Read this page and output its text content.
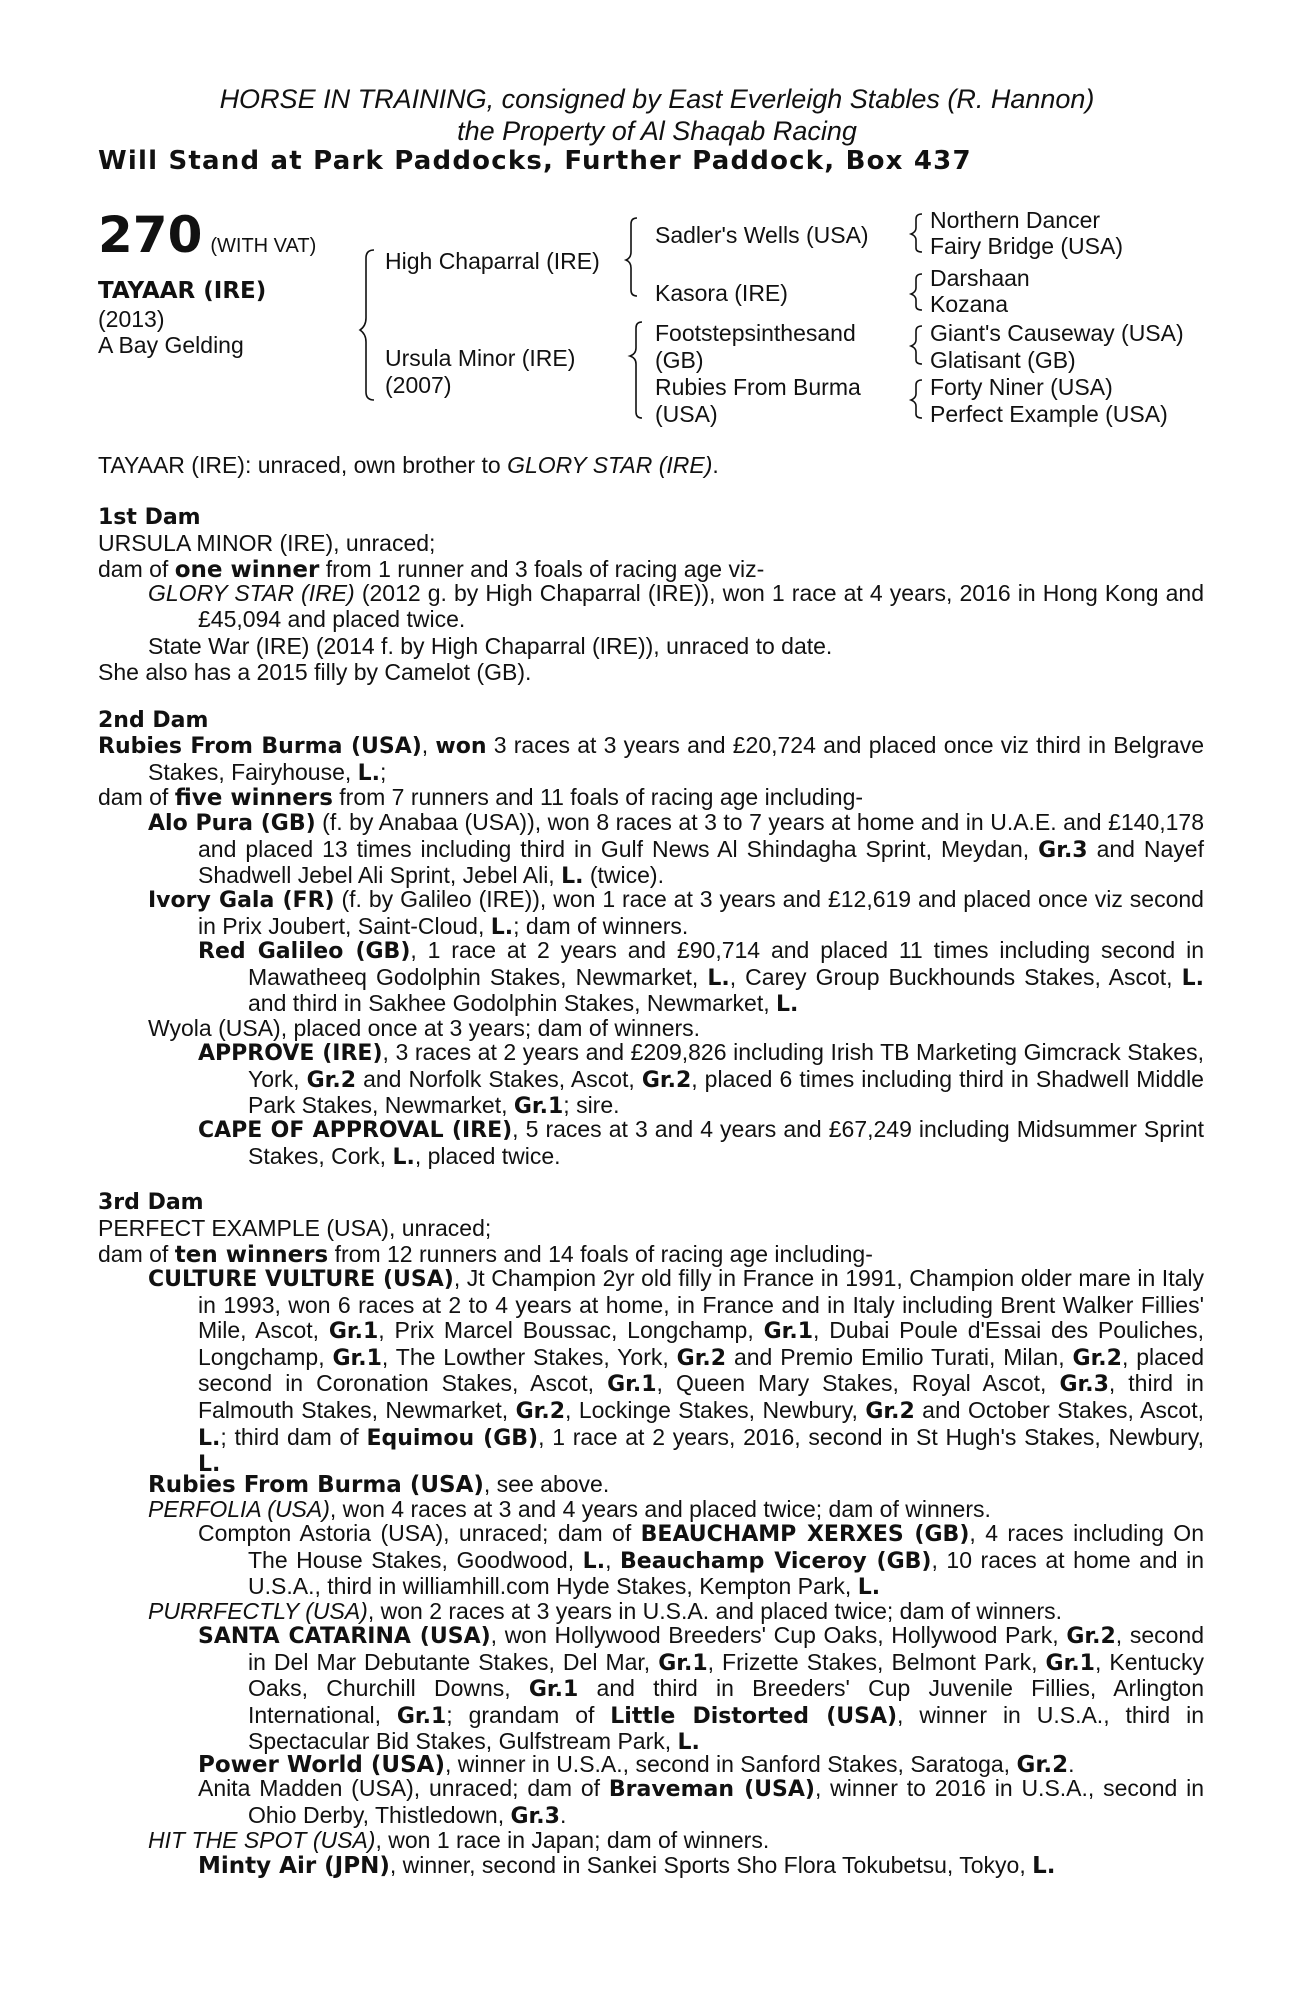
HORSE IN TRAINING, consigned by East Everleigh Stables (R. Hannon)
the Property of Al Shaqab Racing
Will Stand at Park Paddocks, Further Paddock, Box 437
270 (WITH VAT)
TAYAAR (IRE)
(2013)
A Bay Gelding
High Chaparral (IRE)
Ursula Minor (IRE)
(2007)
Sadler's Wells (USA)
Kasora (IRE)
Footstepsinthesand
(GB)
Rubies From Burma
(USA)
Northern Dancer
Fairy Bridge (USA)
Darshaan
Kozana
Giant's Causeway (USA)
Glatisant (GB)
Forty Niner (USA)
Perfect Example (USA)
TAYAAR (IRE): unraced, own brother to GLORY STAR (IRE).
1st Dam
URSULA MINOR (IRE), unraced;
dam of one winner from 1 runner and 3 foals of racing age viz-
GLORY STAR (IRE) (2012 g. by High Chaparral (IRE)), won 1 race at 4 years, 2016 in Hong Kong and £45,094 and placed twice.
State War (IRE) (2014 f. by High Chaparral (IRE)), unraced to date.
She also has a 2015 filly by Camelot (GB).
2nd Dam
Rubies From Burma (USA), won 3 races at 3 years and £20,724 and placed once viz third in Belgrave Stakes, Fairyhouse, L.;
dam of five winners from 7 runners and 11 foals of racing age including-
Alo Pura (GB) (f. by Anabaa (USA)), won 8 races at 3 to 7 years at home and in U.A.E. and £140,178 and placed 13 times including third in Gulf News Al Shindagha Sprint, Meydan, Gr.3 and Nayef Shadwell Jebel Ali Sprint, Jebel Ali, L. (twice).
Ivory Gala (FR) (f. by Galileo (IRE)), won 1 race at 3 years and £12,619 and placed once viz second in Prix Joubert, Saint-Cloud, L.; dam of winners.
Red Galileo (GB), 1 race at 2 years and £90,714 and placed 11 times including second in Mawatheeq Godolphin Stakes, Newmarket, L., Carey Group Buckhounds Stakes, Ascot, L. and third in Sakhee Godolphin Stakes, Newmarket, L.
Wyola (USA), placed once at 3 years; dam of winners.
APPROVE (IRE), 3 races at 2 years and £209,826 including Irish TB Marketing Gimcrack Stakes, York, Gr.2 and Norfolk Stakes, Ascot, Gr.2, placed 6 times including third in Shadwell Middle Park Stakes, Newmarket, Gr.1; sire.
CAPE OF APPROVAL (IRE), 5 races at 3 and 4 years and £67,249 including Midsummer Sprint Stakes, Cork, L., placed twice.
3rd Dam
PERFECT EXAMPLE (USA), unraced;
dam of ten winners from 12 runners and 14 foals of racing age including-
CULTURE VULTURE (USA), Jt Champion 2yr old filly in France in 1991, Champion older mare in Italy in 1993, won 6 races at 2 to 4 years at home, in France and in Italy including Brent Walker Fillies' Mile, Ascot, Gr.1, Prix Marcel Boussac, Longchamp, Gr.1, Dubai Poule d'Essai des Pouliches, Longchamp, Gr.1, The Lowther Stakes, York, Gr.2 and Premio Emilio Turati, Milan, Gr.2, placed second in Coronation Stakes, Ascot, Gr.1, Queen Mary Stakes, Royal Ascot, Gr.3, third in Falmouth Stakes, Newmarket, Gr.2, Lockinge Stakes, Newbury, Gr.2 and October Stakes, Ascot, L.; third dam of Equimou (GB), 1 race at 2 years, 2016, second in St Hugh's Stakes, Newbury, L.
Rubies From Burma (USA), see above.
PERFOLIA (USA), won 4 races at 3 and 4 years and placed twice; dam of winners.
Compton Astoria (USA), unraced; dam of BEAUCHAMP XERXES (GB), 4 races including On The House Stakes, Goodwood, L., Beauchamp Viceroy (GB), 10 races at home and in U.S.A., third in williamhill.com Hyde Stakes, Kempton Park, L.
PURRFECTLY (USA), won 2 races at 3 years in U.S.A. and placed twice; dam of winners.
SANTA CATARINA (USA), won Hollywood Breeders' Cup Oaks, Hollywood Park, Gr.2, second in Del Mar Debutante Stakes, Del Mar, Gr.1, Frizette Stakes, Belmont Park, Gr.1, Kentucky Oaks, Churchill Downs, Gr.1 and third in Breeders' Cup Juvenile Fillies, Arlington International, Gr.1; grandam of Little Distorted (USA), winner in U.S.A., third in Spectacular Bid Stakes, Gulfstream Park, L.
Power World (USA), winner in U.S.A., second in Sanford Stakes, Saratoga, Gr.2.
Anita Madden (USA), unraced; dam of Braveman (USA), winner to 2016 in U.S.A., second in Ohio Derby, Thistledown, Gr.3.
HIT THE SPOT (USA), won 1 race in Japan; dam of winners.
Minty Air (JPN), winner, second in Sankei Sports Sho Flora Tokubetsu, Tokyo, L.
